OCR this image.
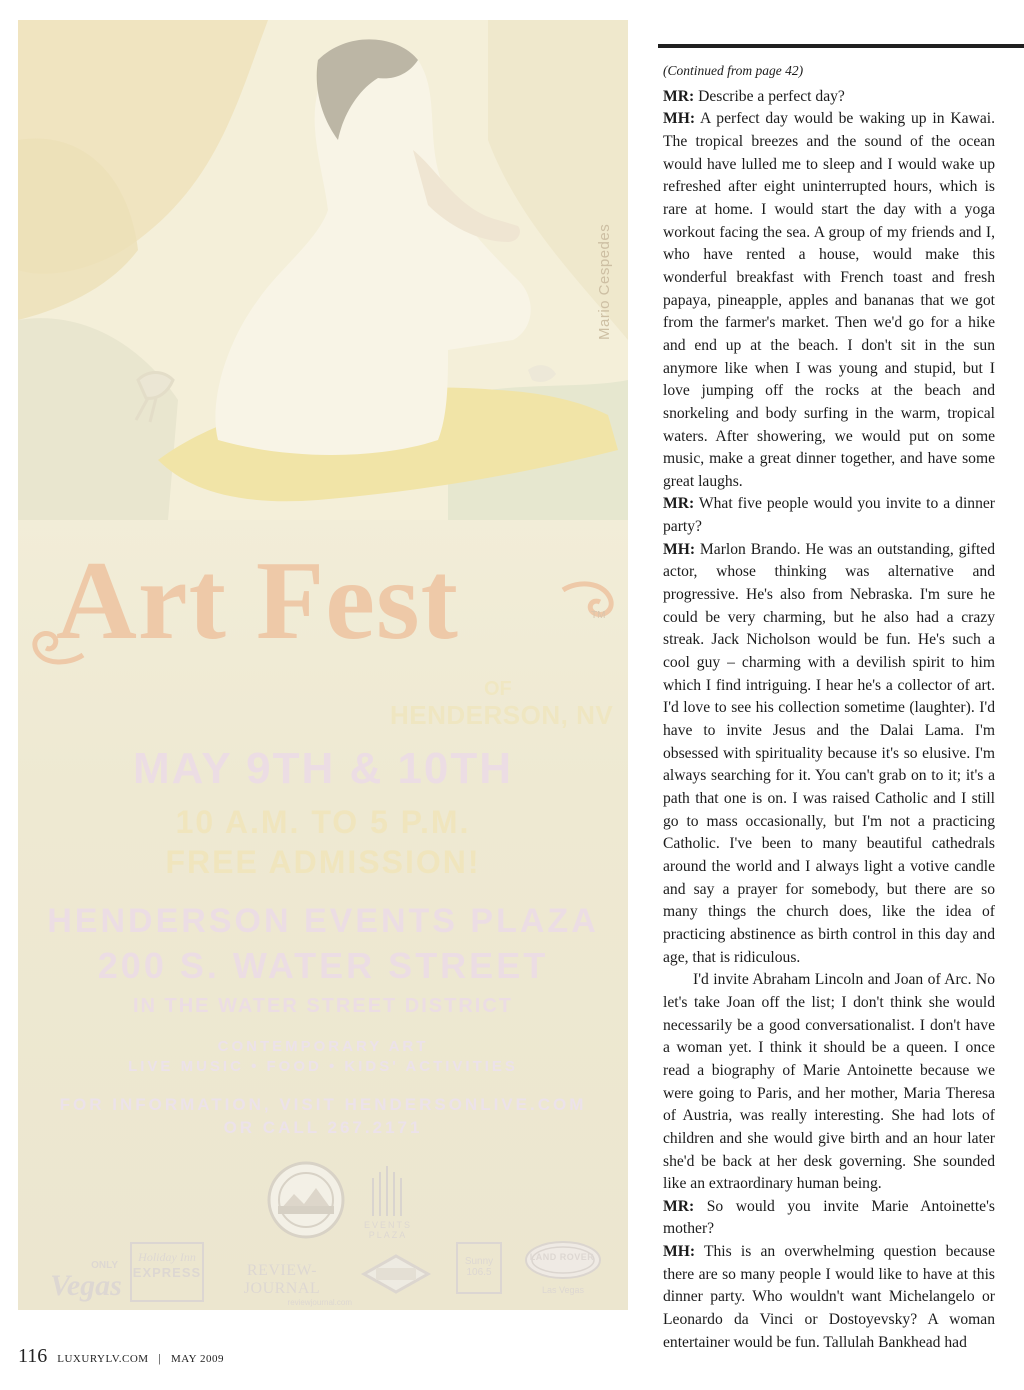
Mario Cespedes
Art Fest	TM
OF
HENDERSON, NV
MAY 9TH & 10TH
10 A.M. TO 5 P.M.
FREE ADMISSION!
HENDERSON EVENTS PLAZA
200 S. WATER STREET
IN THE WATER STREET DISTRICT
CONTEMPORARY ART
LIVE MUSIC • FOOD • KIDS' ACTIVITIES
FOR INFORMATION, VISIT HENDERSONLIVE.COM
OR CALL 267.2171
EVENTS PLAZA
ONLY
Vegas
Holiday Inn
EXPRESS	REVIEW-JOURNAL
reviewjournal.com
Sunny 106.5
LAND ROVER
Las Vegas

(Continued from page 42)

MR: Describe a perfect day?

MH: A perfect day would be waking up in Kawai. The tropical breezes and the sound of the ocean would have lulled me to sleep and I would wake up refreshed after eight uninterrupted hours, which is rare at home. I would start the day with a yoga workout facing the sea. A group of my friends and I, who have rented a house, would make this wonderful breakfast with French toast and fresh papaya, pineapple, apples and bananas that we got from the farmer's market. Then we'd go for a hike and end up at the beach. I don't sit in the sun anymore like when I was young and stupid, but I love jumping off the rocks at the beach and snorkeling and body surfing in the warm, tropical waters. After showering, we would put on some music, make a great dinner together, and have some great laughs.

MR: What five people would you invite to a dinner party?

MH: Marlon Brando. He was an outstanding, gifted actor, whose thinking was alternative and progressive. He's also from Nebraska. I'm sure he could be very charming, but he also had a crazy streak. Jack Nicholson would be fun. He's such a cool guy – charming with a devilish spirit to him which I find intriguing. I hear he's a collector of art. I'd love to see his collection sometime (laughter). I'd have to invite Jesus and the Dalai Lama. I'm obsessed with spirituality because it's so elusive. I'm always searching for it. You can't grab on to it; it's a path that one is on. I was raised Catholic and I still go to mass occasionally, but I'm not a practicing Catholic. I've been to many beautiful cathedrals around the world and I always light a votive candle and say a prayer for somebody, but there are so many things the church does, like the idea of practicing abstinence as birth control in this day and age, that is ridiculous.

I'd invite Abraham Lincoln and Joan of Arc. No let's take Joan off the list; I don't think she would necessarily be a good conversationalist. I don't have a woman yet. I think it should be a queen. I once read a biography of Marie Antoinette because we were going to Paris, and her mother, Maria Theresa of Austria, was really interesting. She had lots of children and she would give birth and an hour later she'd be back at her desk governing. She sounded like an extraordinary human being.

MR: So would you invite Marie Antoinette's mother?

MH: This is an overwhelming question because there are so many people I would like to have at this dinner party. Who wouldn't want Michelangelo or Leonardo da Vinci or Dostoyevsky? A woman entertainer would be fun. Tallulah Bankhead had

116 LUXURYLV.COM | MAY 2009
